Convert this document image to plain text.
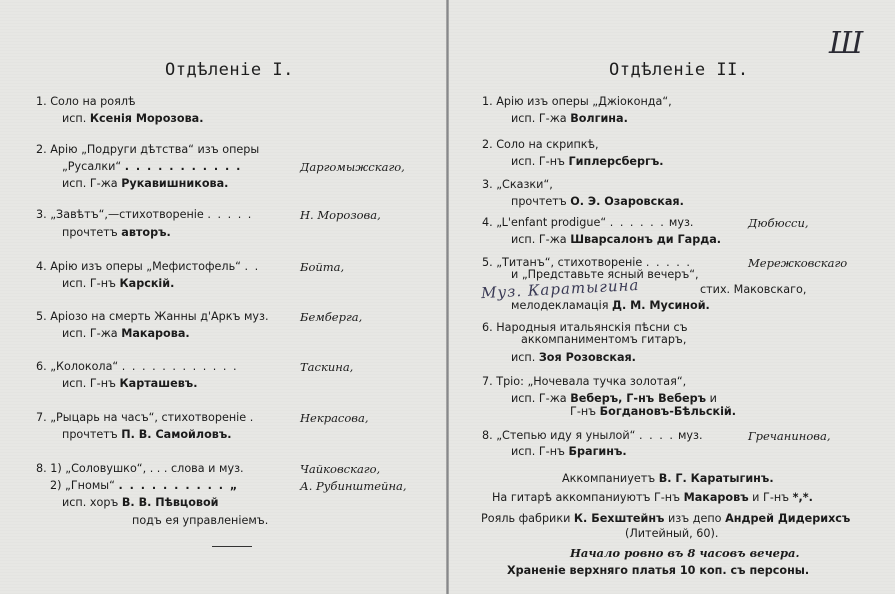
Отдѣленіе I.
1. Соло на роялѣ
исп. Ксенія Морозова.
2. Арію „Подруги дѣтства“ изъ оперы
„Русалки“ . . . . . . . . . . .	Даргомыжскаго,
исп. Г-жа Рукавишникова.
3. „Завѣтъ“,—стихотвореніе . . . . .	Н. Морозова,
прочтетъ авторъ.
4. Арію изъ оперы „Мефистофель“ . .	Бойта,
исп. Г-нъ Карскій.
5. Аріозо на смерть Жанны д'Аркъ муз.	Бемберга,
исп. Г-жа Макарова.
6. „Колокола“ . . . . . . . . . . . .	Таскина,
исп. Г-нъ Карташевъ.
7. „Рыцарь на часъ“, стихотвореніе .	Некрасова,
прочтетъ П. В. Самойловъ.
8. 1) „Соловушко“, . . . слова и муз.	Чайковскаго,
2) „Гномы“ . . . . . . . . . . „	А. Рубинштейна,
исп. хоръ В. В. Пѣвцовой
подъ ея управленіемъ.
Ш
Отдѣленіе II.
1. Арію изъ оперы „Джіоконда“,
исп. Г-жа Волгина.
2. Соло на скрипкѣ,
исп. Г-нъ Гиплерсбергъ.
3. „Сказки“,
прочтетъ О. Э. Озаровская.
4. „L'enfant prodigue“ . . . . . . муз.	Дюбюсси,
исп. Г-жа Шварсалонъ ди Гарда.
5. „Титанъ“, стихотвореніе . . . . .	Мережковскаго
и „Представьте ясный вечеръ“,
Муз. Каратыгина	стих. Маковскаго,
мелодекламація Д. М. Мусиной.
6. Народныя итальянскія пѣсни съ
аккомпаниментомъ гитаръ,
исп. Зоя Розовская.
7. Тріо: „Ночевала тучка золотая“,
исп. Г-жа Веберъ, Г-нъ Веберъ и
Г-нъ Богдановъ-Бѣльскій.
8. „Степью иду я унылой“ . . . . муз.	Гречанинова,
исп. Г-нъ Брагинъ.
Аккомпаниуетъ В. Г. Каратыгинъ.
На гитарѣ аккомпаниуютъ Г-нъ Макаровъ и Г-нъ *,*.
Рояль фабрики К. Бехштейнъ изъ депо Андрей Дидерихсъ
(Литейный, 60).
Начало ровно въ 8 часовъ вечера.
Храненіе верхняго платья 10 коп. съ персоны.
